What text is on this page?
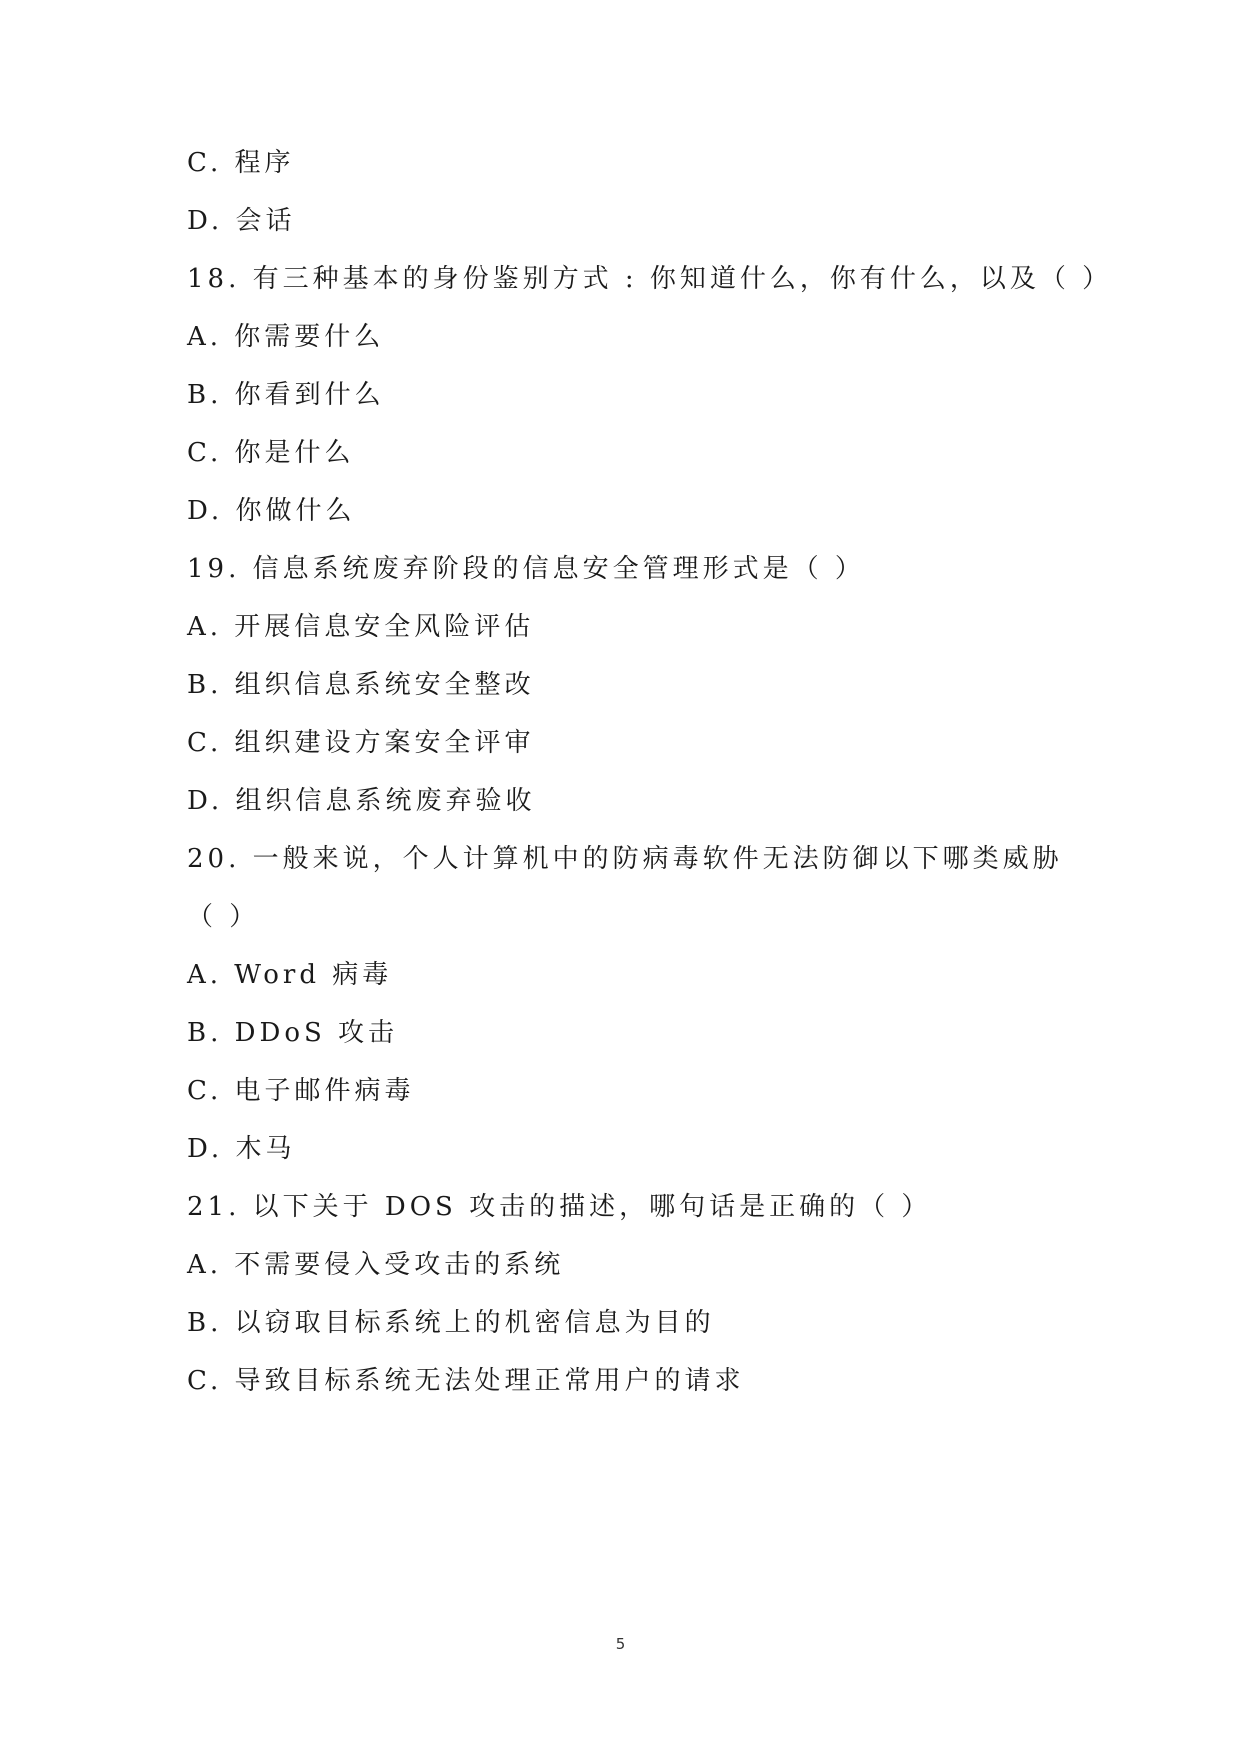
C. 程序
D. 会话
18. 有三种基本的身份鉴别方式 : 你知道什么，你有什么，以及（ ）
A. 你需要什么
B. 你看到什么
C. 你是什么
D. 你做什么
19. 信息系统废弃阶段的信息安全管理形式是（ ）
A. 开展信息安全风险评估
B. 组织信息系统安全整改
C. 组织建设方案安全评审
D. 组织信息系统废弃验收
20. 一般来说，个人计算机中的防病毒软件无法防御以下哪类威胁
（ ）
A. Word 病毒
B. DDoS 攻击
C. 电子邮件病毒
D. 木马
21. 以下关于 DOS 攻击的描述，哪句话是正确的（ ）
A. 不需要侵入受攻击的系统
B. 以窃取目标系统上的机密信息为目的
C. 导致目标系统无法处理正常用户的请求
5
